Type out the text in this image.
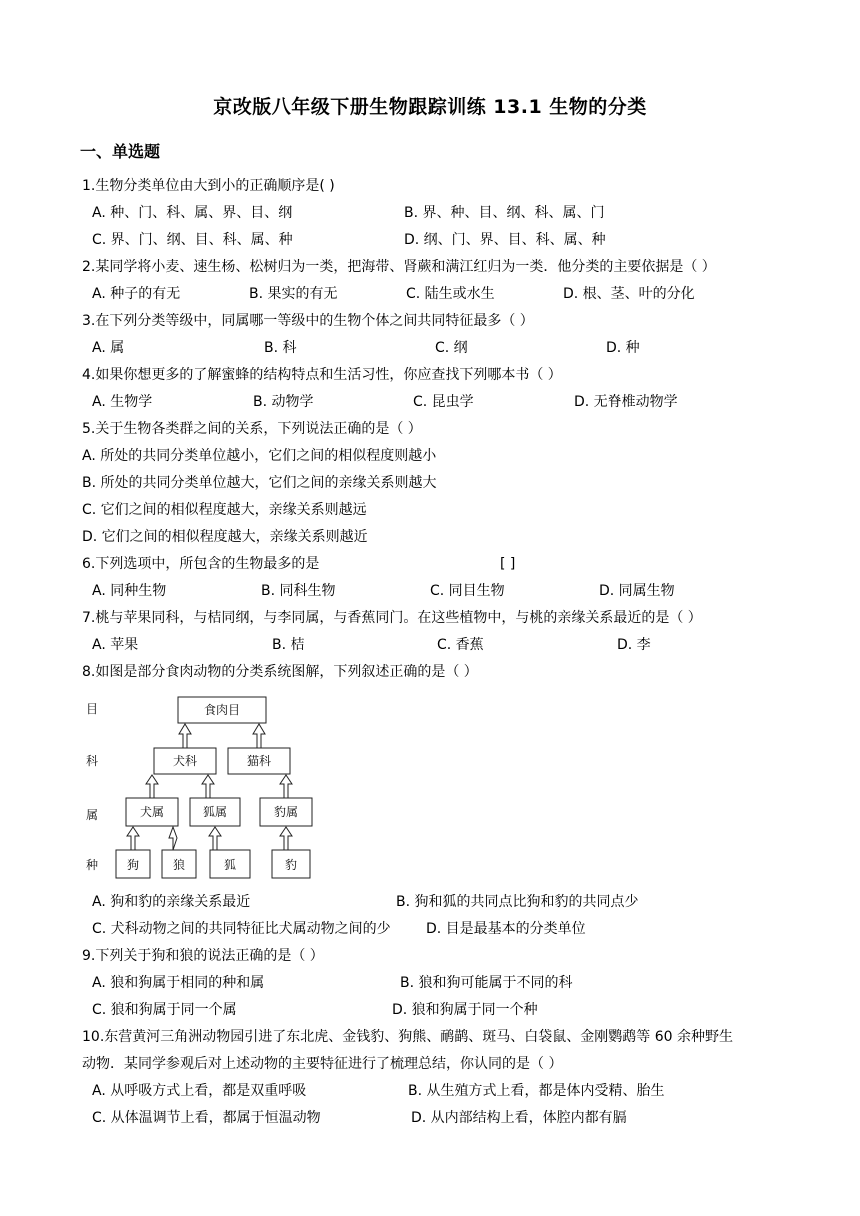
京改版八年级下册生物跟踪训练 13.1 生物的分类
一、单选题
1.生物分类单位由大到小的正确顺序是( )
A. 种、门、科、属、界、目、纲	B. 界、种、目、纲、科、属、门
C. 界、门、纲、目、科、属、种	D. 纲、门、界、目、科、属、种
2.某同学将小麦、速生杨、松树归为一类，把海带、肾蕨和满江红归为一类．他分类的主要依据是（ ）
A. 种子的有无	B. 果实的有无	C. 陆生或水生	D. 根、茎、叶的分化
3.在下列分类等级中，同属哪一等级中的生物个体之间共同特征最多（ ）
A. 属	B. 科	C. 纲	D. 种
4.如果你想更多的了解蜜蜂的结构特点和生活习性，你应查找下列哪本书（ ）
A. 生物学	B. 动物学	C. 昆虫学	D. 无脊椎动物学
5.关于生物各类群之间的关系，下列说法正确的是（ ）
A. 所处的共同分类单位越小，它们之间的相似程度则越小
B. 所处的共同分类单位越大，它们之间的亲缘关系则越大
C. 它们之间的相似程度越大，亲缘关系则越远
D. 它们之间的相似程度越大，亲缘关系则越近
6.下列选项中，所包含的生物最多的是	[ ]
A. 同种生物	B. 同科生物	C. 同目生物	D. 同属生物
7.桃与苹果同科，与桔同纲，与李同属，与香蕉同门。在这些植物中，与桃的亲缘关系最近的是（ ）
A. 苹果	B. 桔	C. 香蕉	D. 李
8.如图是部分食肉动物的分类系统图解，下列叙述正确的是（ ）
目
科
属
种
食肉目
犬科	猫科
犬属	狐属	豹属
狗	狼	狐	豹
A. 狗和豹的亲缘关系最近	B. 狗和狐的共同点比狗和豹的共同点少
C. 犬科动物之间的共同特征比犬属动物之间的少	D. 目是最基本的分类单位
9.下列关于狗和狼的说法正确的是（ ）
A. 狼和狗属于相同的种和属	B. 狼和狗可能属于不同的科
C. 狼和狗属于同一个属	D. 狼和狗属于同一个种
10.东营黄河三角洲动物园引进了东北虎、金钱豹、狗熊、鸸鹋、斑马、白袋鼠、金刚鹦鹉等 60 余种野生
动物．某同学参观后对上述动物的主要特征进行了梳理总结，你认同的是（ ）
A. 从呼吸方式上看，都是双重呼吸	B. 从生殖方式上看，都是体内受精、胎生
C. 从体温调节上看，都属于恒温动物	D. 从内部结构上看，体腔内都有膈
